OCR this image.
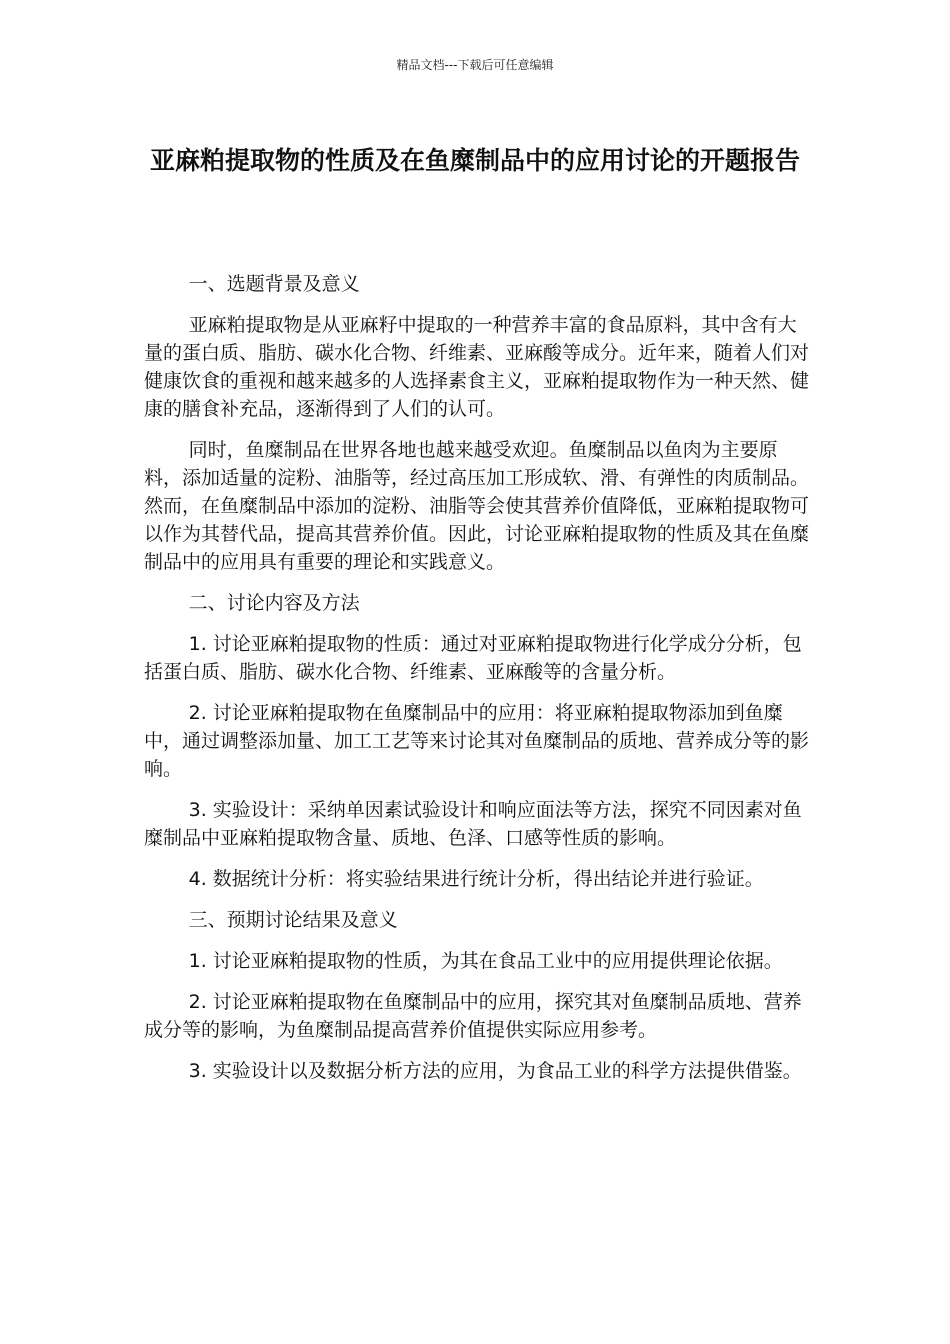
精品文档---下载后可任意编辑
亚麻粕提取物的性质及在鱼糜制品中的应用讨论的开题报告

一、选题背景及意义

亚麻粕提取物是从亚麻籽中提取的一种营养丰富的食品原料，其中含有大量的蛋白质、脂肪、碳水化合物、纤维素、亚麻酸等成分。近年来，随着人们对健康饮食的重视和越来越多的人选择素食主义，亚麻粕提取物作为一种天然、健康的膳食补充品，逐渐得到了人们的认可。

同时，鱼糜制品在世界各地也越来越受欢迎。鱼糜制品以鱼肉为主要原料，添加适量的淀粉、油脂等，经过高压加工形成软、滑、有弹性的肉质制品。然而，在鱼糜制品中添加的淀粉、油脂等会使其营养价值降低，亚麻粕提取物可以作为其替代品，提高其营养价值。因此，讨论亚麻粕提取物的性质及其在鱼糜制品中的应用具有重要的理论和实践意义。

二、讨论内容及方法

1. 讨论亚麻粕提取物的性质：通过对亚麻粕提取物进行化学成分分析，包括蛋白质、脂肪、碳水化合物、纤维素、亚麻酸等的含量分析。

2. 讨论亚麻粕提取物在鱼糜制品中的应用：将亚麻粕提取物添加到鱼糜中，通过调整添加量、加工工艺等来讨论其对鱼糜制品的质地、营养成分等的影响。

3. 实验设计：采纳单因素试验设计和响应面法等方法，探究不同因素对鱼糜制品中亚麻粕提取物含量、质地、色泽、口感等性质的影响。

4. 数据统计分析：将实验结果进行统计分析，得出结论并进行验证。

三、预期讨论结果及意义

1. 讨论亚麻粕提取物的性质，为其在食品工业中的应用提供理论依据。

2. 讨论亚麻粕提取物在鱼糜制品中的应用，探究其对鱼糜制品质地、营养成分等的影响，为鱼糜制品提高营养价值提供实际应用参考。

3. 实验设计以及数据分析方法的应用，为食品工业的科学方法提供借鉴。
